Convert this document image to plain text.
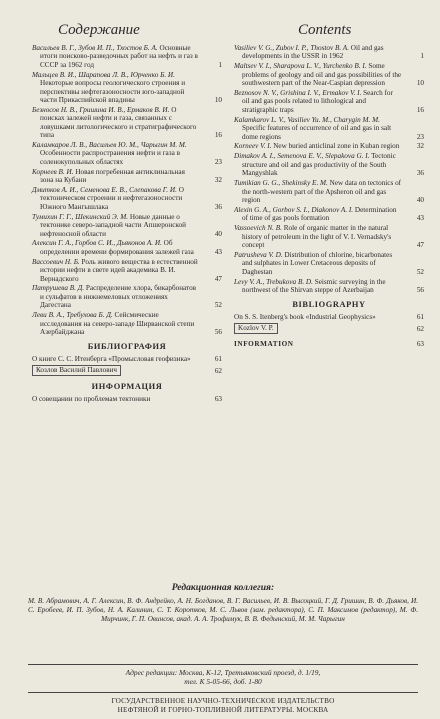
Содержание	Contents
Васильев В. Г., Зубов И. П., Тхостов Б. А. Основные итоги поисково-разведочных работ на нефть и газ в СССР за 1962 год	1
Мальцев В. И., Шарапова Л. В., Юрченко Б. И. Некоторые вопросы геологического строения и перспективы нефтегазоносности юго-западной части Прикаспийской впадины	10
Безносов Н. В., Гришина И. В., Ермаков В. И. О поисках залежей нефти и газа, связанных с ловушками литологического и стратиграфического типа	16
Каламкаров Л. В., Васильев Ю. М., Чарыгин М. М. Особенности распространения нефти и газа в соленокупольных областях	23
Корнеев В. И. Новая погребенная антиклинальная зона на Кубани	32
Дмитков А. И., Семенова Е. В., Слепакова Г. И. О тектоническом строении и нефтегазоносности Южного Мангышлака	36
Тумихин Г. Г., Шекинский Э. М. Новые данные о тектонике северо-западной части Апшеронской нефтеносной области	40
Алексин Г. А., Горбов С. И., Дьяконов А. И. Об определении времени формирования залежей газа	43
Вассоевич Н. Б. Роль живого вещества в естественной истории нефти в свете идей академика В. И. Вернадского	47
Патрушева В. Д. Распределение хлора, бикарбонатов и сульфатов в нижнемеловых отложениях Дагестана	52
Леви В. А., Требухова Б. Д. Сейсмические исследования на северо-западе Ширванской степи Азербайджана	56
БИБЛИОГРАФИЯ
О книге С. С. Итенберга «Промысловая геофизика»	61
Козлов Василий Павлович	62
ИНФОРМАЦИЯ
О совещании по проблемам тектоники	63
Vasiliev V. G., Zubov I. P., Thostov B. A. Oil and gas developments in the USSR in 1962	1
Maltsev V. I., Sharapova L. V., Yurchenko B. I. Some problems of geology and oil and gas possibilities of the southwestern part of the Near-Caspian depression	10
Beznosov N. V., Grishina I. V., Ermakov V. I. Search for oil and gas pools related to lithological and stratigraphic traps	16
Kalamkarov L. V., Vasiliev Yu. M., Charygin M. M. Specific features of occurrence of oil and gas in salt dome regions	23
Korneev V. I. New buried anticlinal zone in Kuban region 32
Dimakov A. I., Semenova E. V., Slepakova G. I. Tectonic structure and oil and gas productivity of the South Mangyshlak	36
Tumikian G. G., Shekinsky E. M. New data on tectonics of the north-western part of the Apsheron oil and gas region	40
Alexin G. A., Gorbov S. I., Diakonov A. I. Determination of time of gas pools formation	43
Vassoevich N. B. Role of organic matter in the natural history of petroleum in the light of V. I. Vernadsky's concept	47
Patrusheva V. D. Distribution of chlorine, bicarbonates and sulphates in Lower Cretaceous deposits of Daghestan	52
Levy V. A., Trebukova B. D. Seismic surveying in the northwest of the Shirvan steppe of Azerbaijan	56
BIBLIOGRAPHY
On S. S. Itenberg's book «Industrial Geophysics»	61
Kozlov V. P.	62
INFORMATION	63
Редакционная коллегия:
М. В. Абрамович, А. Г. Алексин, В. Ф. Андрейко, А. Н. Богданов, В. Г. Васильев, И. В. Высоцкий, Г. Д. Гришин, В. Ф. Дьяков, И. С. Еробеев, И. П. Зубов, Н. А. Калинин, С. Т. Коротков, М. С. Львов (зам. редактора), С. П. Максимов (редактор), М. Ф. Мирчинк, Г. П. Овинсов, акад. А. А. Трофимук, В. В. Федынский, М. М. Чарыгин
Адрес редакции: Москва, К-12, Третьяковский проезд, д. 1/19,
тел. К 5-05-66, доб. 1-80
ГОСУДАРСТВЕННОЕ НАУЧНО-ТЕХНИЧЕСКОЕ ИЗДАТЕЛЬСТВО
НЕФТЯНОЙ И ГОРНО-ТОПЛИВНОЙ ЛИТЕРАТУРЫ. МОСКВА
